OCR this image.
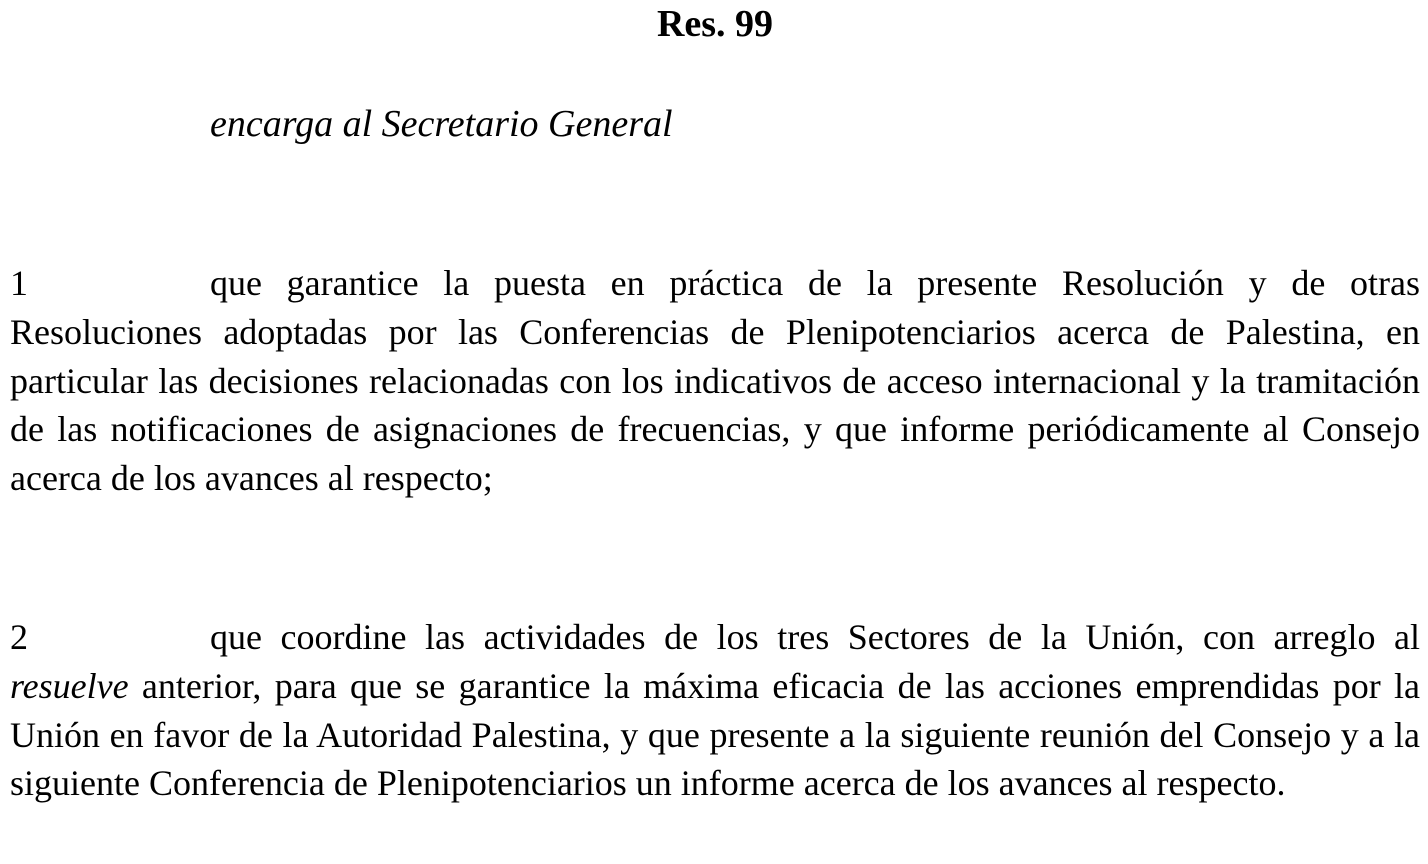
Res. 99
encarga al Secretario General

1	que garantice la puesta en práctica de la presente Resolución y de otras Resoluciones adoptadas por las Conferencias de Plenipotenciarios acerca de Palestina, en particular las decisiones relacionadas con los indicativos de acceso internacional y la tramitación de las notificaciones de asignaciones de frecuencias, y que informe periódicamente al Consejo acerca de los avances al respecto;

2	que coordine las actividades de los tres Sectores de la Unión, con arreglo al resuelve anterior, para que se garantice la máxima eficacia de las acciones emprendidas por la Unión en favor de la Autoridad Palestina, y que presente a la siguiente reunión del Consejo y a la siguiente Conferencia de Plenipotenciarios un informe acerca de los avances al respecto.
